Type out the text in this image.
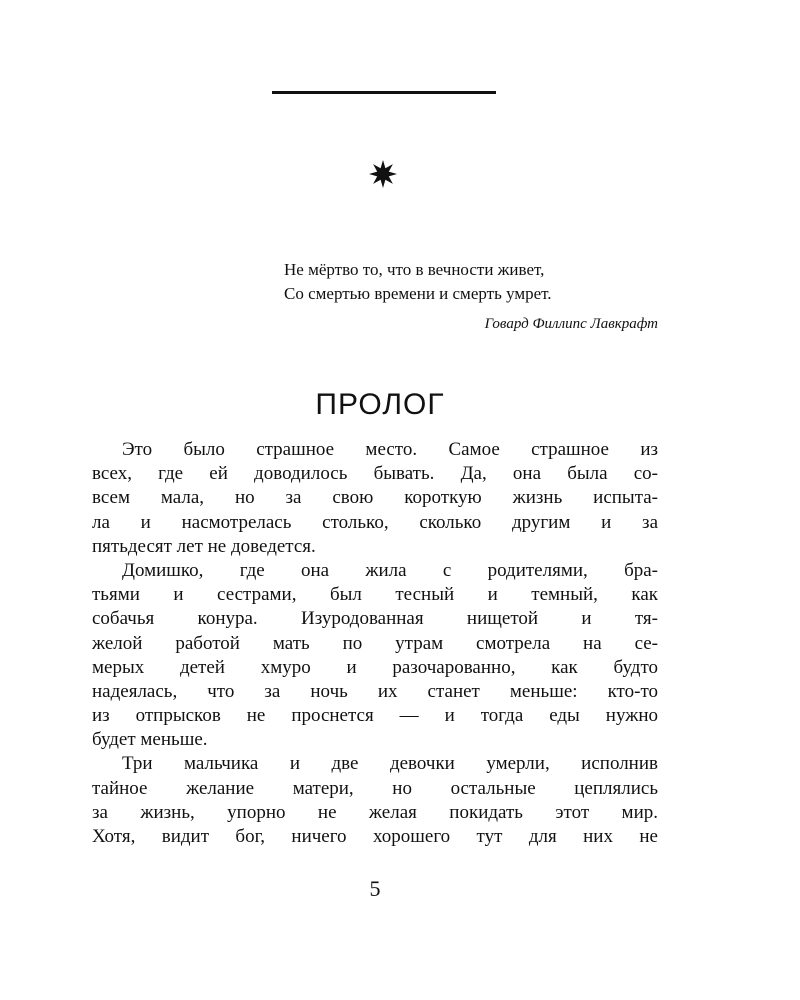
Не мёртво то, что в вечности живет,
Со смертью времени и смерть умрет.
Говард Филлипс Лавкрафт
ПРОЛОГ
Это было страшное место. Самое страшное из
всех, где ей доводилось бывать. Да, она была со-
всем мала, но за свою короткую жизнь испыта-
ла и насмотрелась столько, сколько другим и за
пятьдесят лет не доведется.
Домишко, где она жила с родителями, бра-
тьями и сестрами, был тесный и темный, как
собачья конура. Изуродованная нищетой и тя-
желой работой мать по утрам смотрела на се-
мерых детей хмуро и разочарованно, как будто
надеялась, что за ночь их станет меньше: кто-то
из отпрысков не проснется — и тогда еды нужно
будет меньше.
Три мальчика и две девочки умерли, исполнив
тайное желание матери, но остальные цеплялись
за жизнь, упорно не желая покидать этот мир.
Хотя, видит бог, ничего хорошего тут для них не
5
